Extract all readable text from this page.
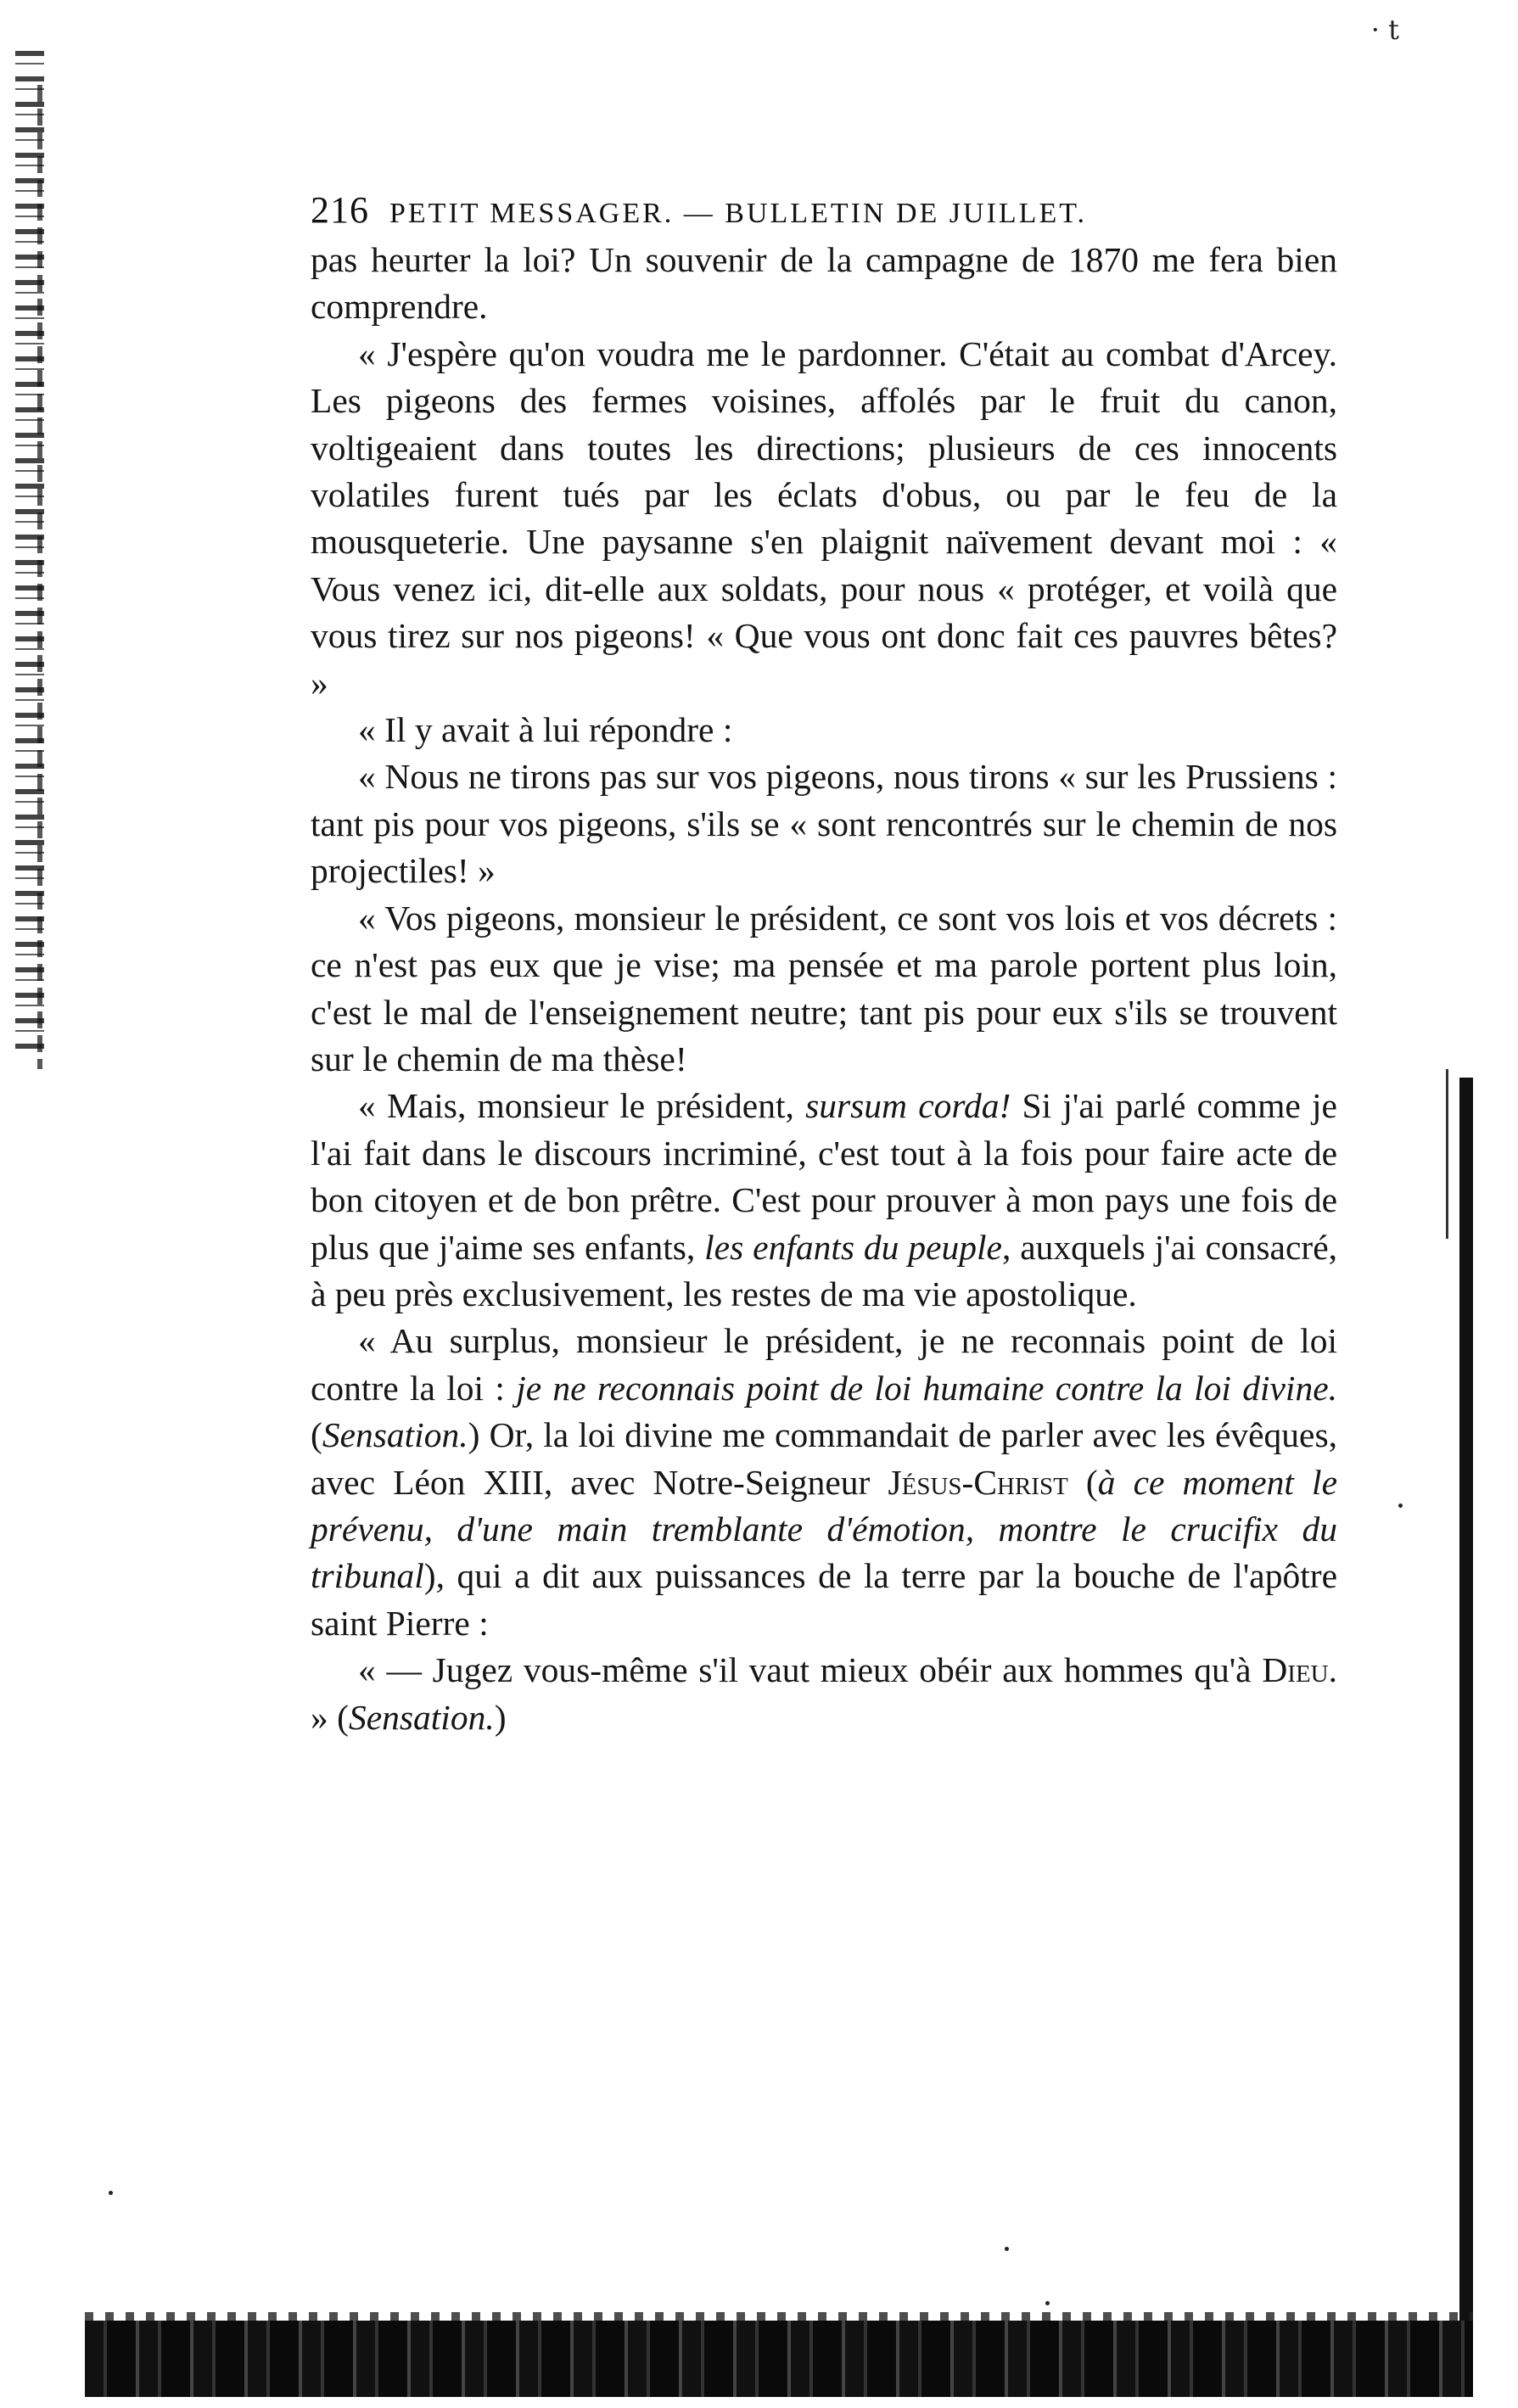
· t
216 PETIT MESSAGER. — BULLETIN DE JUILLET.

pas heurter la loi? Un souvenir de la campagne de 1870 me fera bien comprendre.

« J'espère qu'on voudra me le pardonner. C'était au combat d'Arcey. Les pigeons des fermes voisines, affolés par le fruit du canon, voltigeaient dans toutes les directions; plusieurs de ces innocents volatiles furent tués par les éclats d'obus, ou par le feu de la mousqueterie. Une paysanne s'en plaignit naïvement devant moi : « Vous venez ici, dit-elle aux soldats, pour nous « protéger, et voilà que vous tirez sur nos pigeons! « Que vous ont donc fait ces pauvres bêtes? »

« Il y avait à lui répondre :

« Nous ne tirons pas sur vos pigeons, nous tirons « sur les Prussiens : tant pis pour vos pigeons, s'ils se « sont rencontrés sur le chemin de nos projectiles! »

« Vos pigeons, monsieur le président, ce sont vos lois et vos décrets : ce n'est pas eux que je vise; ma pensée et ma parole portent plus loin, c'est le mal de l'enseignement neutre; tant pis pour eux s'ils se trouvent sur le chemin de ma thèse!

« Mais, monsieur le président, sursum corda! Si j'ai parlé comme je l'ai fait dans le discours incriminé, c'est tout à la fois pour faire acte de bon citoyen et de bon prêtre. C'est pour prouver à mon pays une fois de plus que j'aime ses enfants, les enfants du peuple, auxquels j'ai consacré, à peu près exclusivement, les restes de ma vie apostolique.

« Au surplus, monsieur le président, je ne reconnais point de loi contre la loi : je ne reconnais point de loi humaine contre la loi divine. (Sensation.) Or, la loi divine me commandait de parler avec les évêques, avec Léon XIII, avec Notre-Seigneur Jésus-Christ (à ce moment le prévenu, d'une main tremblante d'émotion, montre le crucifix du tribunal), qui a dit aux puissances de la terre par la bouche de l'apôtre saint Pierre :

« — Jugez vous-même s'il vaut mieux obéir aux hommes qu'à Dieu. » (Sensation.)
